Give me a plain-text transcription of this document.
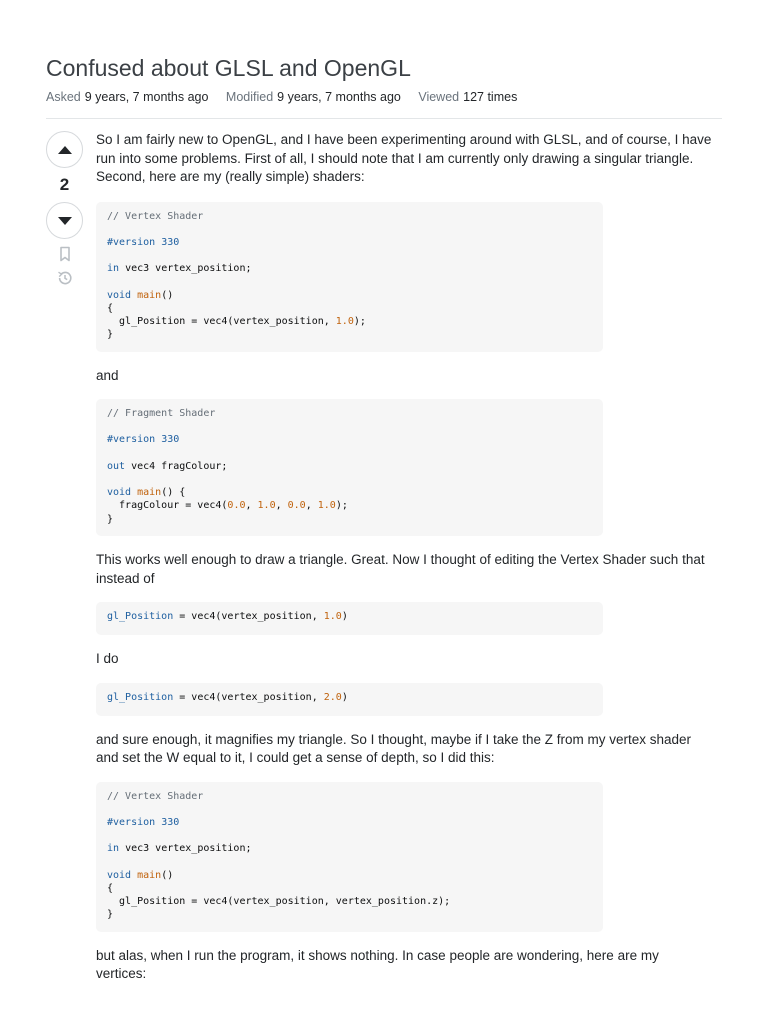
Confused about GLSL and OpenGL
Asked 9 years, 7 months ago Modified 9 years, 7 months ago Viewed 127 times
2

So I am fairly new to OpenGL, and I have been experimenting around with GLSL, and of course, I have run into some problems. First of all, I should note that I am currently only drawing a singular triangle. Second, here are my (really simple) shaders:

// Vertex Shader

#version 330

in vec3 vertex_position;

void main()
{
gl_Position = vec4(vertex_position, 1.0);
}

and

// Fragment Shader

#version 330

out vec4 fragColour;

void main() {
fragColour = vec4(0.0, 1.0, 0.0, 1.0);
}

This works well enough to draw a triangle. Great. Now I thought of editing the Vertex Shader such that instead of

gl_Position = vec4(vertex_position, 1.0)

I do

gl_Position = vec4(vertex_position, 2.0)

and sure enough, it magnifies my triangle. So I thought, maybe if I take the Z from my vertex shader and set the W equal to it, I could get a sense of depth, so I did this:

// Vertex Shader

#version 330

in vec3 vertex_position;

void main()
{
gl_Position = vec4(vertex_position, vertex_position.z);
}

but alas, when I run the program, it shows nothing. In case people are wondering, here are my vertices:
